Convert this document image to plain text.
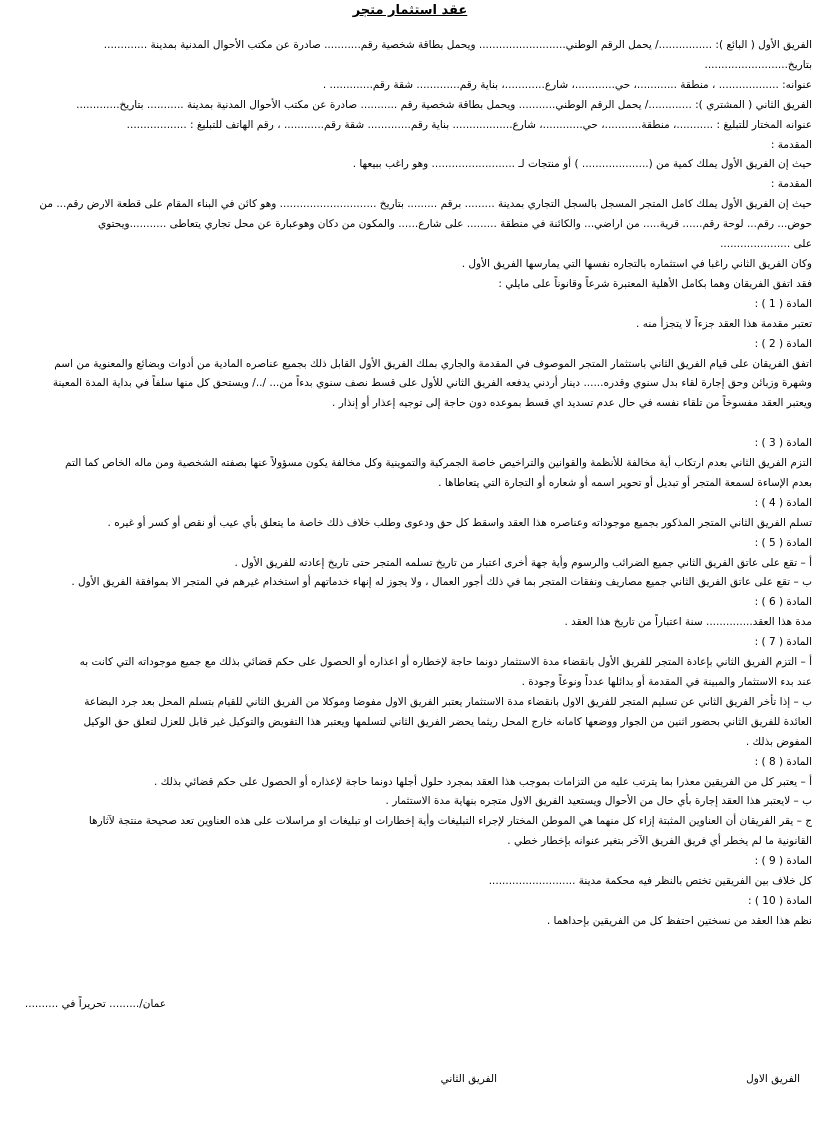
عقد استثمار متجر

الفريق الأول ( البائع ): ................/ يحمل الرقم الوطني.......................... ويحمل بطاقة شخصية رقم........... صادرة عن مكتب الأحوال المدنية بمدينة .............

بتاريخ.........................

عنوانه: .................. ، منطقة ............، حي............، شارع............، بناية رقم............. شقة رقم............. .

الفريق الثاني ( المشتري ): ............./ يحمل الرقم الوطني........... ويحمل بطاقة شخصية رقم ........... صادرة عن مكتب الأحوال المدنية بمدينة ........... بتاريخ.............

عنوانه المختار للتبليغ : ...........، منطقة...........، حي............، شارع.................. بناية رقم............. شقة رقم............ ، رقم الهاتف للتبليغ : ..................

المقدمة :

حيث إن الفريق الأول يملك كمية من (.................... ) أو منتجات لـ ......................... وهو راغب ببيعها .

المقدمة :

حيث إن الفريق الأول يملك كامل المتجر المسجل بالسجل التجاري بمدينة ......... برقم ......... بتاريخ ............................. وهو كائن في البناء المقام على قطعة الارض رقم... من

حوض... رقم... لوحة رقم...... قرية..... من اراضي... والكائنة في منطقة ......... على شارع...... والمكون من دكان وهوعبارة عن محل تجاري يتعاطى ...........ويحتوي

على .....................

وكان الفريق الثاني راغبا في استثماره بالتجاره نفسها التي يمارسها الفريق الأول .

فقد اتفق الفريقان وهما بكامل الأهلية المعتبرة شرعاً وقانوناً على مايلي :

المادة ( 1 ) :

تعتبر مقدمة هذا العقد جزءاً لا يتجزأ منه .

المادة ( 2 ) :

اتفق الفريقان على قيام الفريق الثاني باستثمار المتجر الموصوف في المقدمة والجاري بملك الفريق الأول القابل ذلك بجميع عناصره المادية من أدوات وبضائع والمعنوية من اسم

وشهرة وزبائن وحق إجارة لقاء بدل سنوي وقدره...... دينار أردني يدفعه الفريق الثاني للأول على قسط نصف سنوي بدءاً من... /../ ويستحق كل منها سلفاً في بداية المدة المعينة

ويعتبر العقد مفسوخاً من تلقاء نفسه في حال عدم تسديد اي قسط بموعده دون حاجة إلى توجيه إعذار أو إنذار .

المادة ( 3 ) :

التزم الفريق الثاني بعدم ارتكاب أية مخالفة للأنظمة والقوانين والتراخيص خاصة الجمركية والتموينية وكل مخالفة يكون مسؤولاً عنها بصفته الشخصية ومن ماله الخاص كما التم

بعدم الإساءة لسمعة المتجر أو تبديل أو تحوير اسمه أو شعاره أو التجارة التي يتعاطاها .

المادة ( 4 ) :

تسلم الفريق الثاني المتجر المذكور بجميع موجوداته وعناصره هذا العقد واسقط كل حق ودعوى وطلب خلاف ذلك خاصة ما يتعلق بأي عيب أو نقص أو كسر أو غيره .

المادة ( 5 ) :

أ – تقع على عاتق الفريق الثاني جميع الضرائب والرسوم وأية جهة أخرى اعتبار من تاريخ تسلمه المتجر حتى تاريخ إعادته للفريق الأول .

ب – تقع على عاتق الفريق الثاني جميع مصاريف ونفقات المتجر بما في ذلك أجور العمال ، ولا يجوز له إنهاء خدماتهم أو استخدام غيرهم في المتجر الا بموافقة الفريق الأول .

المادة ( 6 ) :

مدة هذا العقد.............. سنة اعتباراً من تاريخ هذا العقد .

المادة ( 7 ) :

أ – التزم الفريق الثاني بإعادة المتجر للفريق الأول بانقضاء مدة الاستثمار دونما حاجة لإخطاره أو اعذاره أو الحصول على حكم قضائي بذلك مع جميع موجوداته التي كانت به

عند بدء الاستثمار والمبينة في المقدمة أو بدائلها عدداً ونوعاً وجودة .

ب – إذا تأخر الفريق الثاني عن تسليم المتجر للفريق الاول بانقضاء مدة الاستثمار يعتبر الفريق الاول مفوضا وموكلا من الفريق الثاني للقيام بتسلم المحل بعد جرد البضاعة

العائدة للفريق الثاني بحضور اثنين من الجوار ووضعها كامانه خارج المحل ريثما يحضر الفريق الثاني لتسلمها ويعتبر هذا التفويض والتوكيل غير قابل للعزل لتعلق حق الوكيل

المفوض بذلك .

المادة ( 8 ) :

أ – يعتبر كل من الفريقين معذرا بما يترتب عليه من التزامات بموجب هذا العقد بمجرد حلول أجلها دونما حاجة لإعذاره أو الحصول على حكم قضائي بذلك .

ب – لايعتبر هذا العقد إجارة بأي حال من الأحوال ويستعيد الفريق الاول متجره بنهاية مدة الاستثمار .

ج – يقر الفريقان أن العناوين المثبتة إزاء كل منهما هي الموطن المختار لإجراء التبليغات وأية إخطارات او تبليغات او مراسلات على هذه العناوين تعد صحيحة منتجة لآثارها

القانونية ما لم يخطر أي فريق الفريق الآخر بتغير عنوانه بإخطار خطي .

المادة ( 9 ) :

كل خلاف بين الفريقين تختص بالنظر فيه محكمة مدينة ..........................

المادة ( 10 ) :

نظم هذا العقد من نسختين احتفظ كل من الفريقين بإحداهما .

عمان/......... تحريراً في ..........
الفريق الاول
الفريق الثاني
